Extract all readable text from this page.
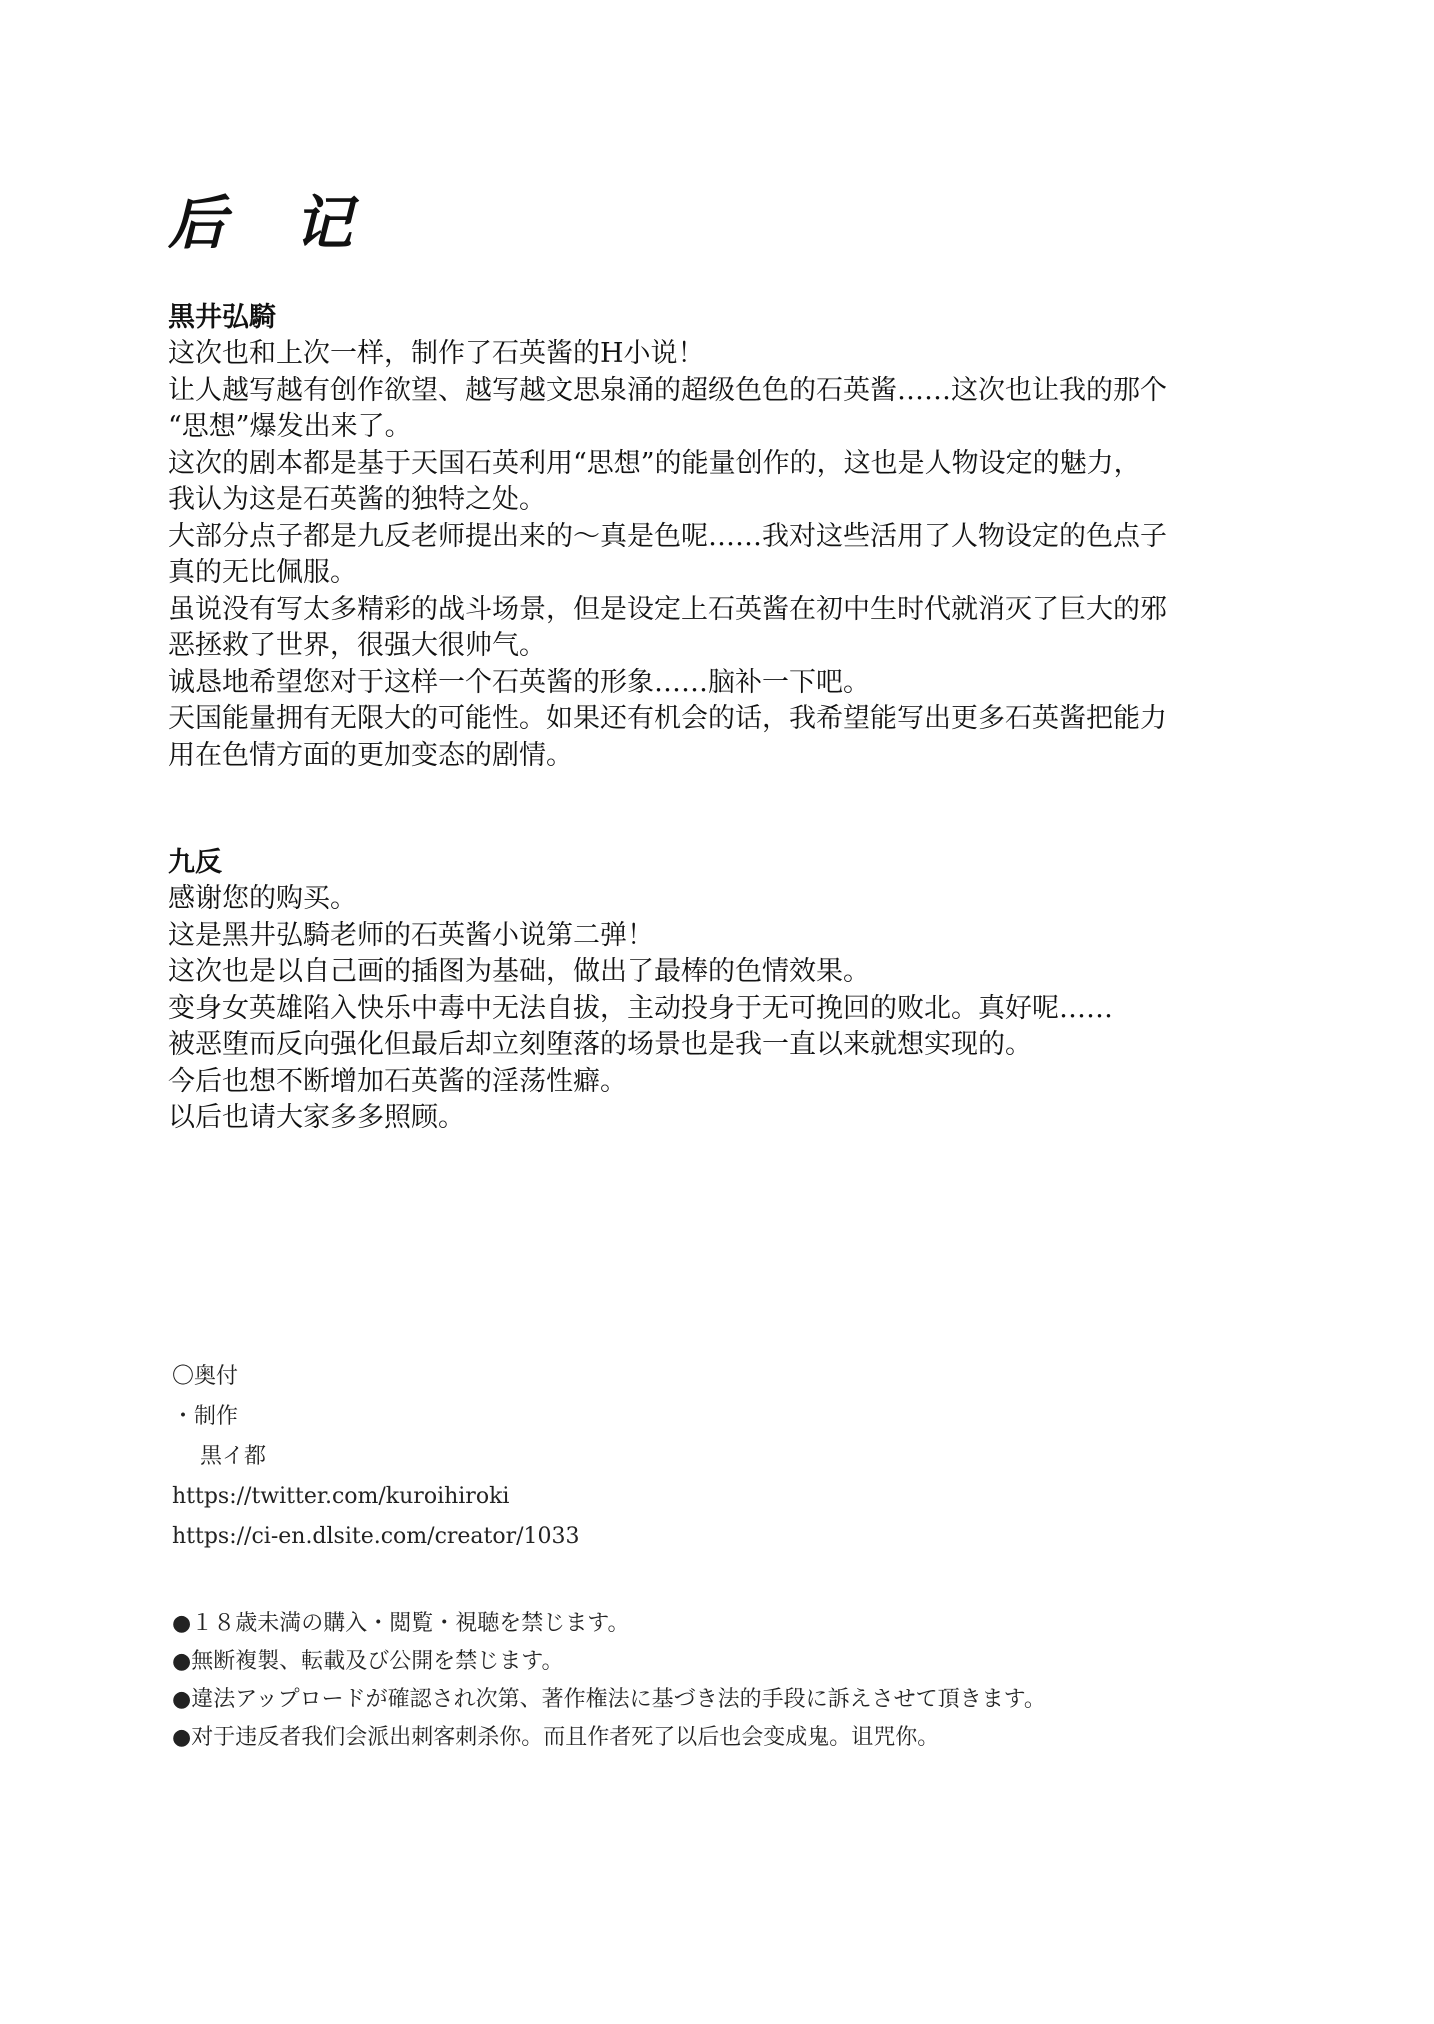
后 记
黒井弘騎
这次也和上次一样，制作了石英酱的H小说！
让人越写越有创作欲望、越写越文思泉涌的超级色色的石英酱……这次也让我的那个
“思想”爆发出来了。
这次的剧本都是基于天国石英利用“思想”的能量创作的，这也是人物设定的魅力，
我认为这是石英酱的独特之处。
大部分点子都是九反老师提出来的～真是色呢……我对这些活用了人物设定的色点子
真的无比佩服。
虽说没有写太多精彩的战斗场景，但是设定上石英酱在初中生时代就消灭了巨大的邪
恶拯救了世界，很强大很帅气。
诚恳地希望您对于这样一个石英酱的形象……脑补一下吧。
天国能量拥有无限大的可能性。如果还有机会的话，我希望能写出更多石英酱把能力
用在色情方面的更加变态的剧情。
九反
感谢您的购买。
这是黑井弘騎老师的石英酱小说第二弹！
这次也是以自己画的插图为基础，做出了最棒的色情效果。
变身女英雄陷入快乐中毒中无法自拔，主动投身于无可挽回的败北。真好呢……
被恶堕而反向强化但最后却立刻堕落的场景也是我一直以来就想实现的。
今后也想不断增加石英酱的淫荡性癖。
以后也请大家多多照顾。
〇奥付
・制作
黒イ都
https://twitter.com/kuroihiroki
https://ci-en.dlsite.com/creator/1033
●１８歳未満の購入・閲覧・視聴を禁じます。
●無断複製、転載及び公開を禁じます。
●違法アップロードが確認され次第、著作権法に基づき法的手段に訴えさせて頂きます。
●对于违反者我们会派出刺客刺杀你。而且作者死了以后也会变成鬼。诅咒你。
